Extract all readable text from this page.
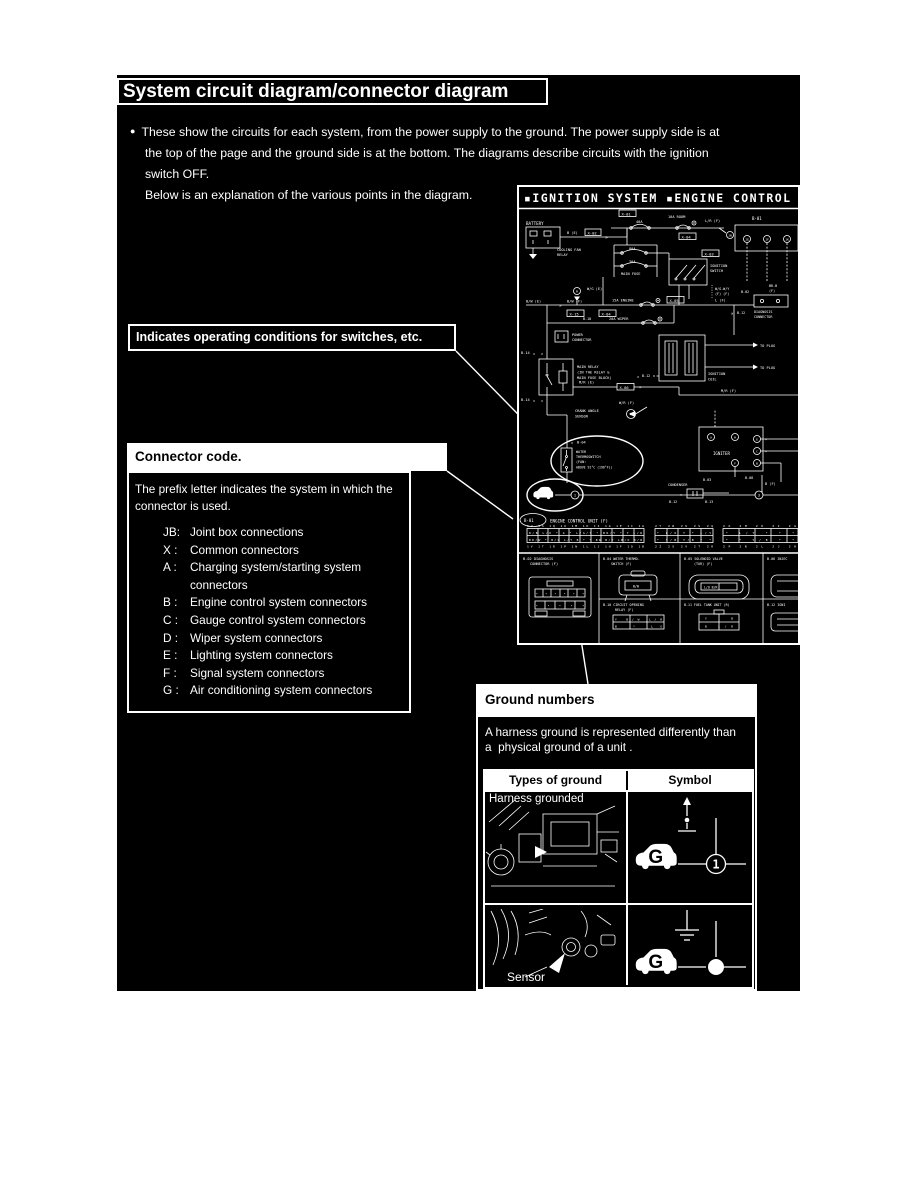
System circuit diagram/connector diagram
● These show the circuits for each system, from the power supply to the ground. The power supply side is at
the top of the page and the ground side is at the bottom. The diagrams describe circuits with the ignition
switch OFF.
Below is an explanation of the various points in the diagram.
Indicates operating conditions for switches, etc.
Connector code.
The prefix letter indicates the system in which the
connector is used.
JB: Joint box connections
X :	Common connectors
A :	Charging system/starting system
connectors
B :	Engine control system connectors
C :	Gauge control system connectors
D :	Wiper system connectors
E :	Lighting system connectors
F :	Signal system connectors
G : Air conditioning system connectors
▪IGNITION SYSTEM ▪ENGINE CONTROL
BATTERY
B (E)	X-02
»
X-01
40A
10A ROOM
L/R (F)
X-04	1B
B-01
1E	1F	1K
BR-B
(F)
80A
30A
MAIN FUSE
COOLING FAN
RELAY	X-03
IGNITION
SWITCH
W/G-W/Y
(F) (F)
A
W/G (E)
B/W (E)
»
B/W (F)	15A ENGINE	X-05	L (F)
× B-12
X-15	X-04
B-18	20A WIPER
POWER
CONNECTOR
B-14 × ×
MAIN RELAY
(IN THE RELAY &
MAIN FUSE BLOCK)
B-14 × ×
M/R (E)
X-06 »
M/R (F)
W/R (F)
CRANK ANGLE
SENSOR
TO PLUG
TO PLUG
IGNITION
COIL
× B-12
B-02
DIAGNOSIS
CONNECTOR
A	H	E
C
F	B
IGNITER
»
»
B-03	B-08
B (F)
CONDENSER
×
B-12	B-13
× B-04
WATER
THERMOSWITCH
(FAN:
ABOVE 91°C (196°F))
G	1	3
B-01	ENGINE CONTROL UNIT (F)
1U 1S 1Q 1O 1M 1K 1I 1G 1E 1C 1A
R/B L/O * G * L/G/Y * BR/Y * Y L/R
BR/W * B/O L/Y B * * BR B/Y LB/O B/W
1V 1T 1R 1P 1N 1L 1J 1H 1F 1D 1B
2Y 2W 2U 2S 2Q
* L/O Y * L/Y
* Y/B Y/B * *
2Z 2X 2V 2T 2R
2O 2M 2K 2I 2G
* L/Y * * *
* * Y/B * *
2P 2N 2L 2J 2H
B-02 DIAGNOSIS
CONNECTOR (F)
* * * * * *
* * * * *
B-04 WATER THERMO-
SWITCH (F)
B/W
B-05 SOLENOID VALVE
(TUR) (F)
L/O B/R
B-06 INJEC
B-10 CIRCUIT OPENING
RELAY (F)
Y B/W L/R
B * LG
B-11 FUEL TANK UNIT (R)
Y B
B L/R
B-12 IGNI
Ground numbers
A harness ground is represented differently than
a  physical ground of a unit .
Types of ground	Symbol
Harness grounded
G	1
Sensor
G
